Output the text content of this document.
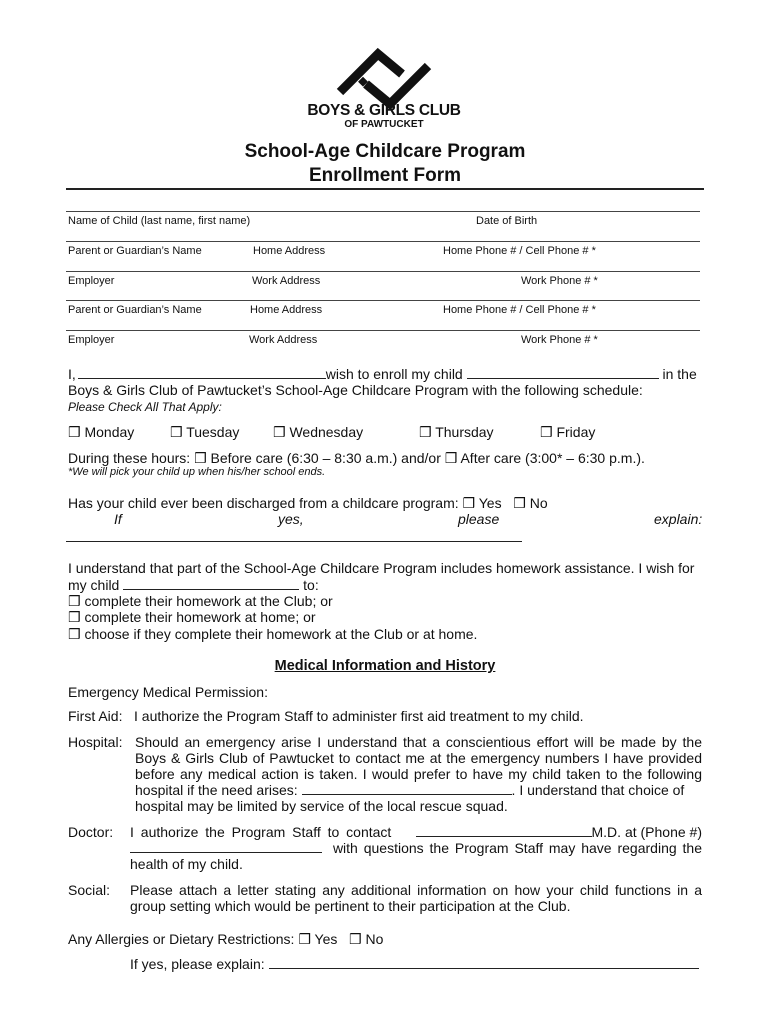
BOYS & GIRLS CLUB
OF PAWTUCKET
School-Age Childcare Program
Enrollment Form
Name of Child (last name, first name)	Date of Birth
Parent or Guardian’s Name	Home Address	Home Phone # / Cell Phone # *
Employer	Work Address	Work Phone # *
Parent or Guardian’s Name	Home Address	Home Phone # / Cell Phone # *
Employer	Work Address	Work Phone # *
I,	wish to enroll my child	in the
Boys & Girls Club of Pawtucket’s School-Age Childcare Program with the following schedule:
Please Check All That Apply:
❒ Monday	❒ Tuesday ❒ Wednesday	❒ Thursday	❒ Friday
During these hours: ❒ Before care (6:30 – 8:30 a.m.) and/or ❒ After care (3:00* – 6:30 p.m.).
*We will pick your child up when his/her school ends.
Has your child ever been discharged from a childcare program: ❒ Yes ❒ No
If	yes,	please	explain:
I understand that part of the School-Age Childcare Program includes homework assistance. I wish for
my child	to:
❒ complete their homework at the Club; or
❒ complete their homework at home; or
❒ choose if they complete their homework at the Club or at home.
Medical Information and History
Emergency Medical Permission:
First Aid: I authorize the Program Staff to administer first aid treatment to my child.
Hospital: Should an emergency arise I understand that a conscientious effort will be made by the
Boys & Girls Club of Pawtucket to contact me at the emergency numbers I have provided
before any medical action is taken. I would prefer to have my child taken to the following
hospital if the need arises:	. I understand that choice of
hospital may be limited by service of the local rescue squad.
Doctor: I authorize the Program Staff to contact	M.D. at (Phone #)
with questions the Program Staff may have regarding the
health of my child.
Social: Please attach a letter stating any additional information on how your child functions in a
group setting which would be pertinent to their participation at the Club.
Any Allergies or Dietary Restrictions: ❒ Yes ❒ No
If yes, please explain:
